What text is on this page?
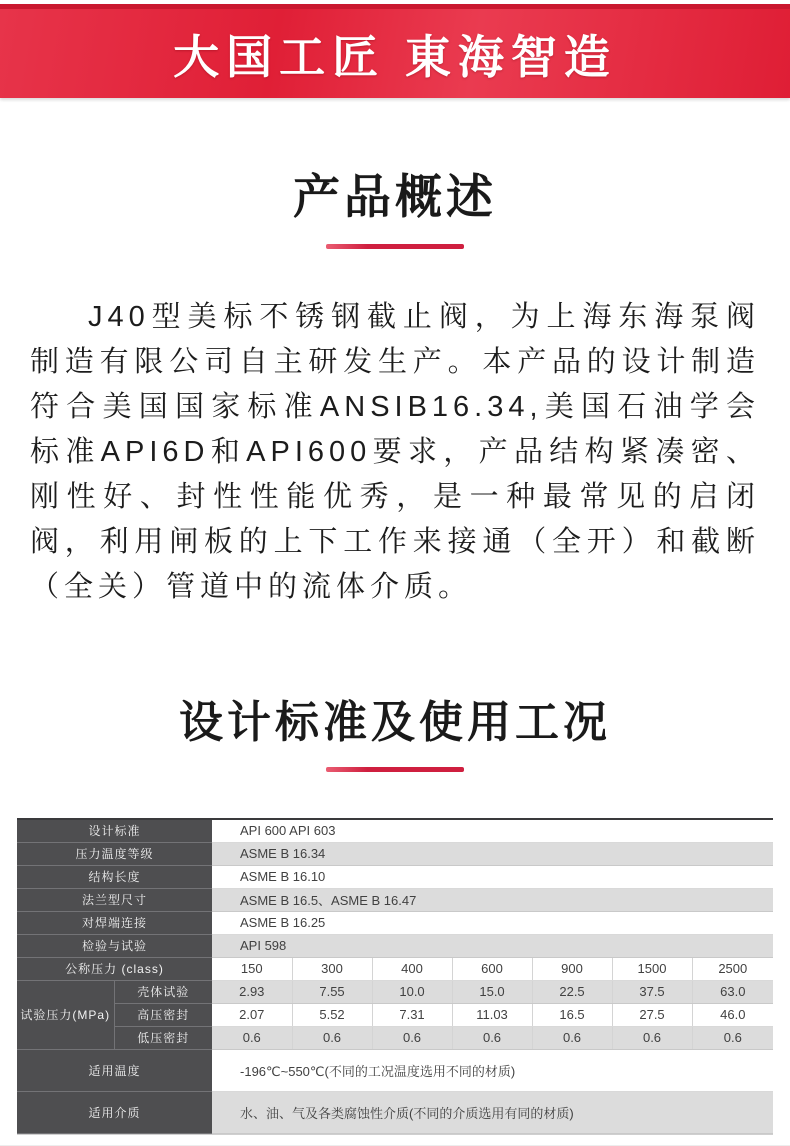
大国工匠 東海智造
产品概述

J40型美标不锈钢截止阀，为上海东海泵阀制造有限公司自主研发生产。本产品的设计制造符合美国国家标准ANSIB16.34,美国石油学会标准API6D和API600要求，产品结构紧凑密、刚性好、封性性能优秀，是一种最常见的启闭阀，利用闸板的上下工作来接通（全开）和截断（全关）管道中的流体介质。

设计标准及使用工况
设计标准		API 600 API 603						
压力温度等级		ASME B 16.34						
结构长度		ASME B 16.10						
法兰型尺寸		ASME B 16.5、ASME B 16.47						
对焊端连接		ASME B 16.25						
检验与试验		API 598						
公称压力 (class)		150	300	400	600	900	1500	2500
试验压力(MPa)	壳体试验	2.93	7.55	10.0	15.0	22.5	37.5	63.0
	高压密封	2.07	5.52	7.31	11.03	16.5	27.5	46.0
	低压密封	0.6	0.6	0.6	0.6	0.6	0.6	0.6
适用温度		-196℃~550℃(不同的工况温度选用不同的材质)						
适用介质		水、油、气及各类腐蚀性介质(不同的介质选用有同的材质)						
